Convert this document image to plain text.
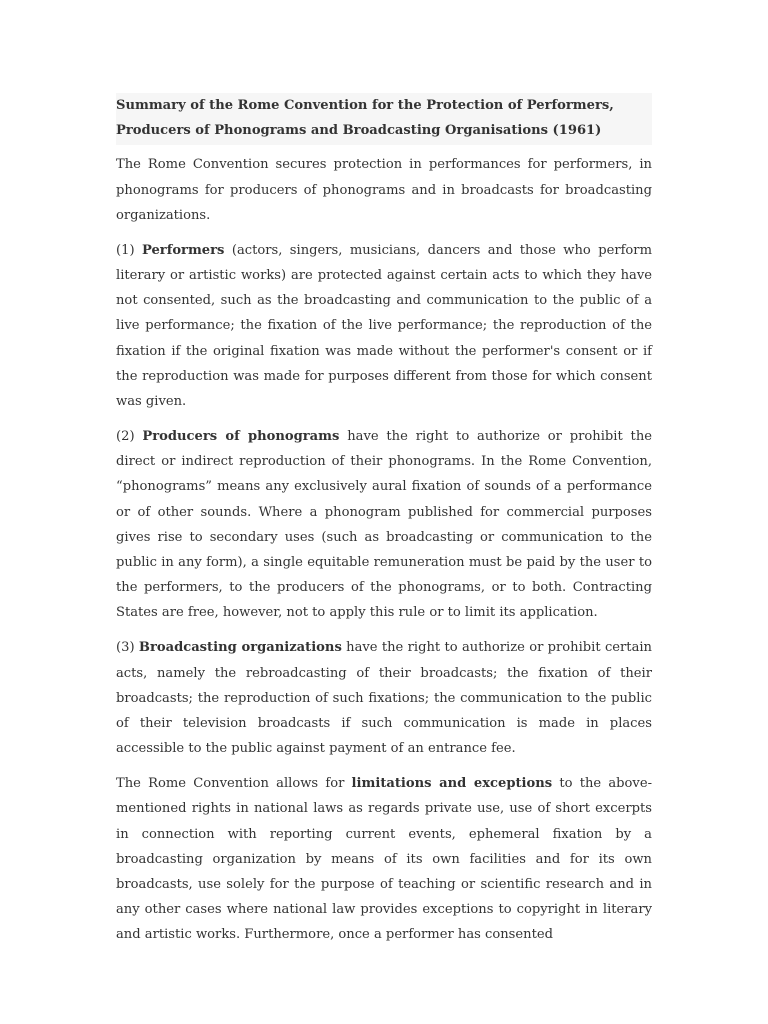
Summary of the Rome Convention for the Protection of Performers, Producers of Phonograms and Broadcasting Organisations (1961)

The Rome Convention secures protection in performances for performers, in phonograms for producers of phonograms and in broadcasts for broadcasting organizations.

(1) Performers (actors, singers, musicians, dancers and those who perform literary or artistic works) are protected against certain acts to which they have not consented, such as the broadcasting and communication to the public of a live performance; the fixation of the live performance; the reproduction of the fixation if the original fixation was made without the performer's consent or if the reproduction was made for purposes different from those for which consent was given.

(2) Producers of phonograms have the right to authorize or prohibit the direct or indirect reproduction of their phonograms. In the Rome Convention, “phonograms” means any exclusively aural fixation of sounds of a performance or of other sounds. Where a phonogram published for commercial purposes gives rise to secondary uses (such as broadcasting or communication to the public in any form), a single equitable remuneration must be paid by the user to the performers, to the producers of the phonograms, or to both. Contracting States are free, however, not to apply this rule or to limit its application.

(3) Broadcasting organizations have the right to authorize or prohibit certain acts, namely the rebroadcasting of their broadcasts; the fixation of their broadcasts; the reproduction of such fixations; the communication to the public of their television broadcasts if such communication is made in places accessible to the public against payment of an entrance fee.

The Rome Convention allows for limitations and exceptions to the above-mentioned rights in national laws as regards private use, use of short excerpts in connection with reporting current events, ephemeral fixation by a broadcasting organization by means of its own facilities and for its own broadcasts, use solely for the purpose of teaching or scientific research and in any other cases where national law provides exceptions to copyright in literary and artistic works. Furthermore, once a performer has consented
